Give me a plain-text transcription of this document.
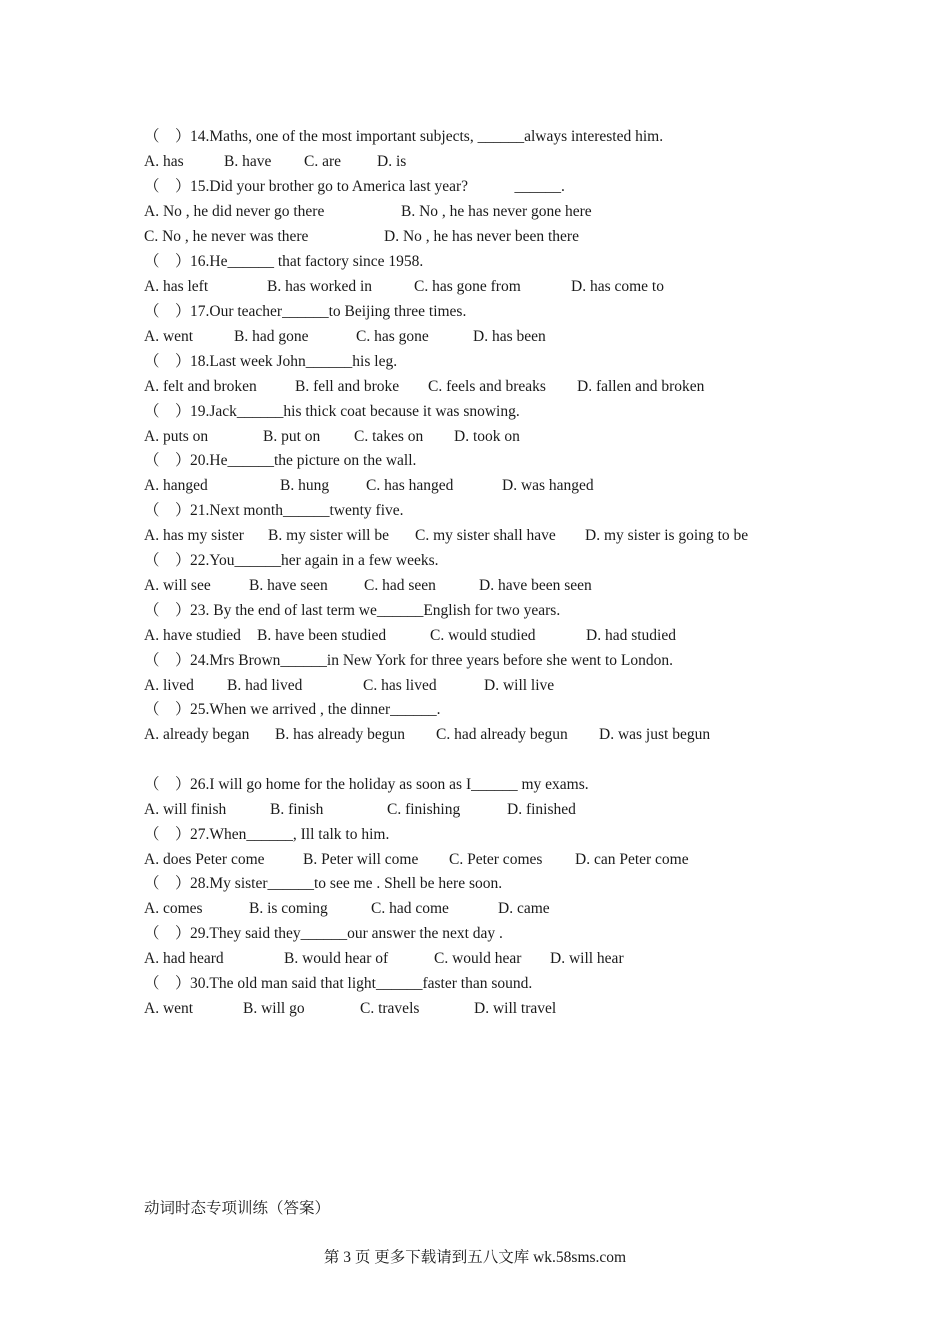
（    ）14.Maths, one of the most important subjects, ______always interested him.

A. has

	B. have

C. are

D. is

（    ）15.Did your brother go to America last year?            ______.

A. No , he did never go there

	B. No , he has never gone here

C. No , he never was there

	D. No , he has never been there

（    ）16.He______ that factory since 1958.

A. has left

	B. has worked in

	C. has gone from

	D. has come to

（    ）17.Our teacher______to Beijing three times.

A. went

	B. had gone

	C. has gone

	D. has been

（    ）18.Last week John______his leg.

A. felt and broken

B. fell and broke

C. feels and breaks

D. fallen and broken

（    ）19.Jack______his thick coat because it was snowing.

A. puts on

	B. put on

C. takes on

D. took on

（    ）20.He______the picture on the wall.

A. hanged

	B. hung

C. has hanged

	D. was hanged

（    ）21.Next month______twenty five.

A. has my sister

B. my sister will be

C. my sister shall have

D. my sister is going to be

（    ）22.You______her again in a few weeks.

A. will see

B. have seen

C. had seen

	D. have been seen

（    ）23. By the end of last term we______English for two years.

A. have studied

B. have been studied

	C. would studied

	D. had studied

（    ）24.Mrs Brown______in New York for three years before she went to London.

A. lived

B. had lived

	C. has lived

	D. will live

（    ）25.When we arrived , the dinner______.

A. already began

B. has already begun

C. had already begun

D. was just begun

（    ）26.I will go home for the holiday as soon as I______ my exams.

A. will finish

	B. finish

	C. finishing

	D. finished

（    ）27.When______, Ill talk to him.

A. does Peter come

B. Peter will come

C. Peter comes

D. can Peter come

（    ）28.My sister______to see me . Shell be here soon.

A. comes

	B. is coming

	C. had come

	D. came

（    ）29.They said they______our answer the next day .

A. had heard

	B. would hear of

	C. would hear

D. will hear

（    ）30.The old man said that light______faster than sound.

A. went

	B. will go

	C. travels

	D. will travel

动词时态专项训练（答案）
第 3 页 更多下载请到五八文库 wk.58sms.com
